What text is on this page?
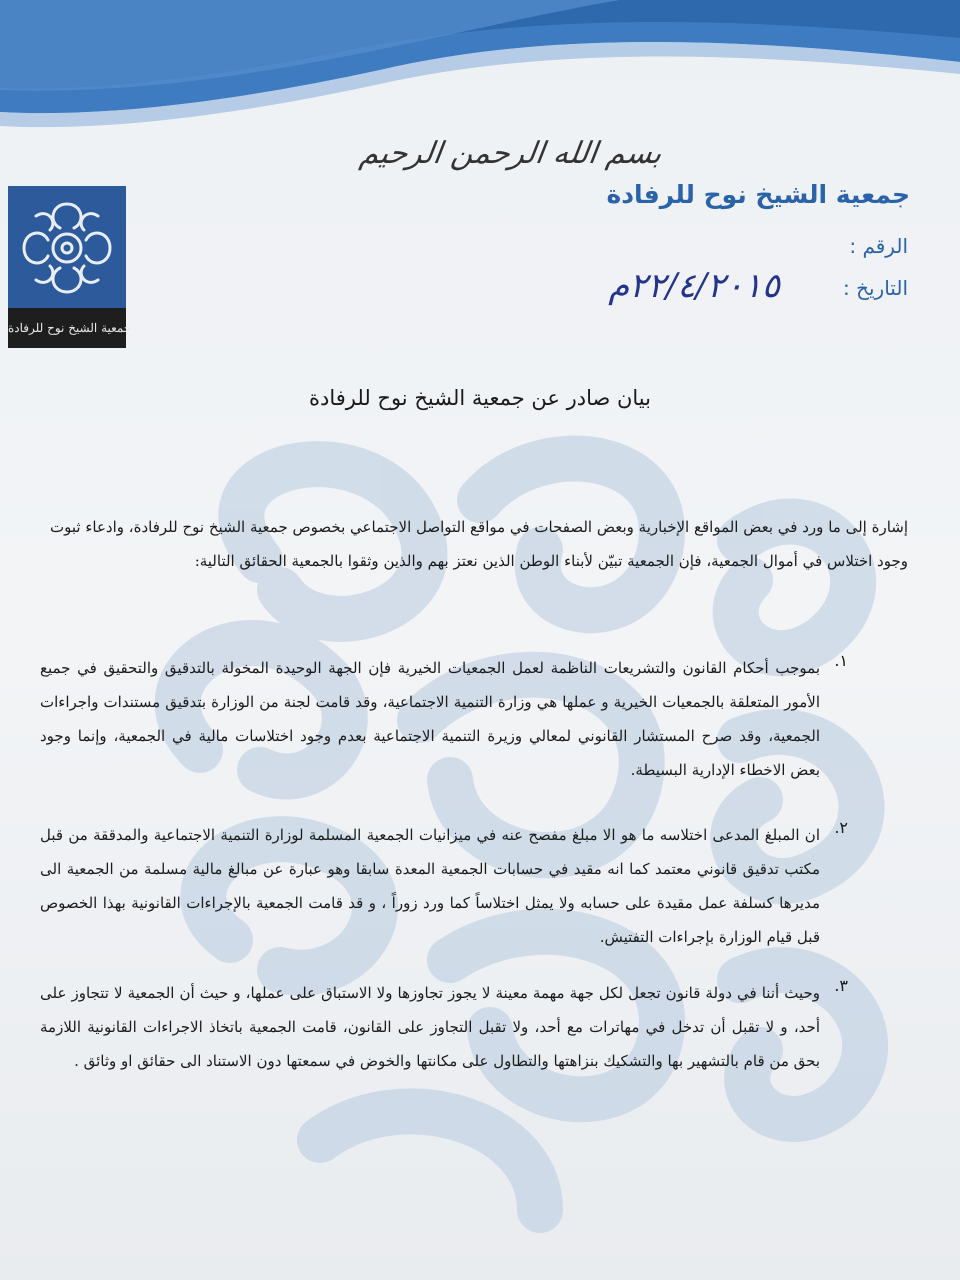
بسم الله الرحمن الرحيم
جمعية الشيخ نوح للرفادة
جمعية الشيخ نوح للرفادة
الرقم :
التاريخ :
٢٢/٤/٢٠١٥م
بيان صادر عن جمعية الشيخ نوح للرفادة
إشارة إلى ما ورد في بعض المواقع الإخبارية وبعض الصفحات في مواقع التواصل الاجتماعي بخصوص جمعية الشيخ نوح للرفادة، وادعاء ثبوت وجود اختلاس في أموال الجمعية، فإن الجمعية تبيّن لأبناء الوطن الذين نعتز بهم والذين وثقوا بالجمعية الحقائق التالية:
١.
بموجب أحكام القانون والتشريعات الناظمة لعمل الجمعيات الخيرية فإن الجهة الوحيدة المخولة بالتدقيق والتحقيق في جميع الأمور المتعلقة بالجمعيات الخيرية و عملها هي وزارة التنمية الاجتماعية، وقد قامت لجنة من الوزارة بتدقيق مستندات واجراءات الجمعية، وقد صرح المستشار القانوني لمعالي وزيرة التنمية الاجتماعية بعدم وجود اختلاسات مالية في الجمعية، وإنما وجود بعض الاخطاء الإدارية البسيطة.
٢.
ان المبلغ المدعى اختلاسه ما هو الا مبلغ مفصح عنه في ميزانيات الجمعية المسلمة لوزارة التنمية الاجتماعية والمدققة من قبل مكتب تدقيق قانوني معتمد كما انه مقيد في حسابات الجمعية المعدة سابقا وهو عبارة عن مبالغ مالية مسلمة من الجمعية الى مديرها كسلفة عمل مقيدة على حسابه ولا يمثل اختلاساً كما ورد زوراً ، و قد قامت الجمعية بالإجراءات القانونية بهذا الخصوص قبل قيام الوزارة بإجراءات التفتيش.
٣.
وحيث أننا في دولة قانون تجعل لكل جهة مهمة معينة لا يجوز تجاوزها ولا الاستباق على عملها، و حيث أن الجمعية لا تتجاوز على أحد، و لا تقبل أن تدخل في مهاترات مع أحد، ولا تقبل التجاوز على القانون، قامت الجمعية باتخاذ الاجراءات القانونية اللازمة بحق من قام بالتشهير بها والتشكيك بنزاهتها والتطاول على مكانتها والخوض في سمعتها دون الاستناد الى حقائق او وثائق .
